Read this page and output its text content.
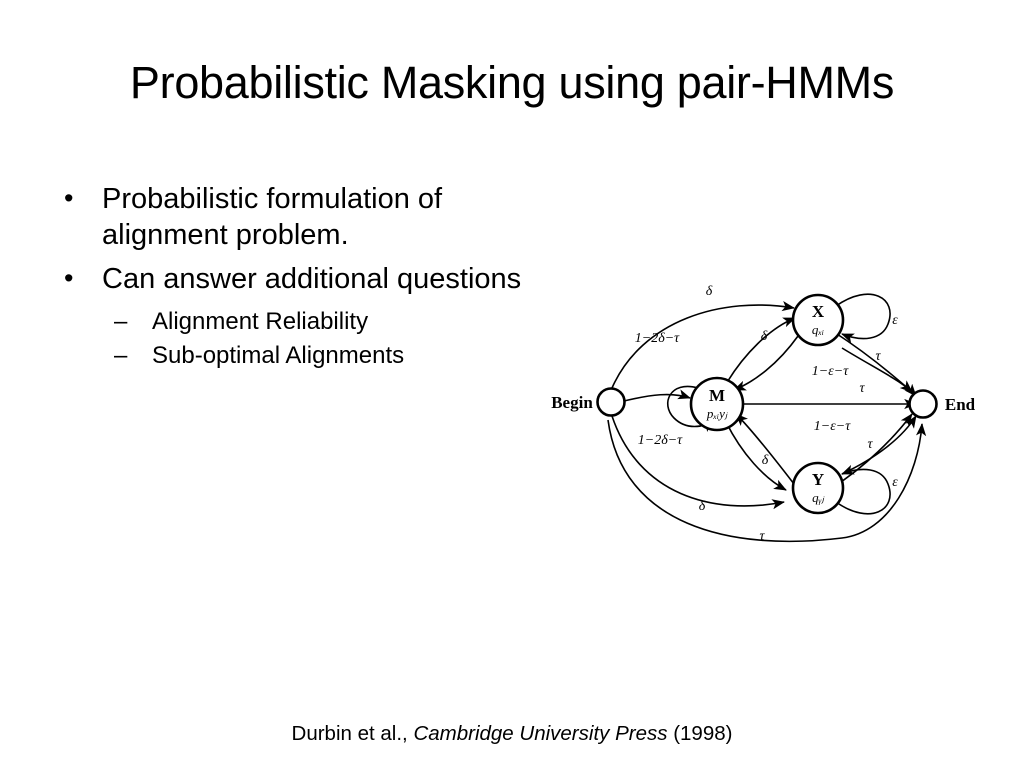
Probabilistic Masking using pair-HMMs
• Probabilistic formulation of alignment problem.
• Can answer additional questions
– Alignment Reliability
– Sub-optimal Alignments
Begin	End
X
qₓᵢ
M
pₓᵢyⱼ
Y
qᵧⱼ
δ
1−2δ−τ	δ
ε
1−ε−τ
τ
τ
1−2δ−τ
1−ε−τ
δ
δ
ε
τ
τ
Durbin et al., Cambridge University Press (1998)
